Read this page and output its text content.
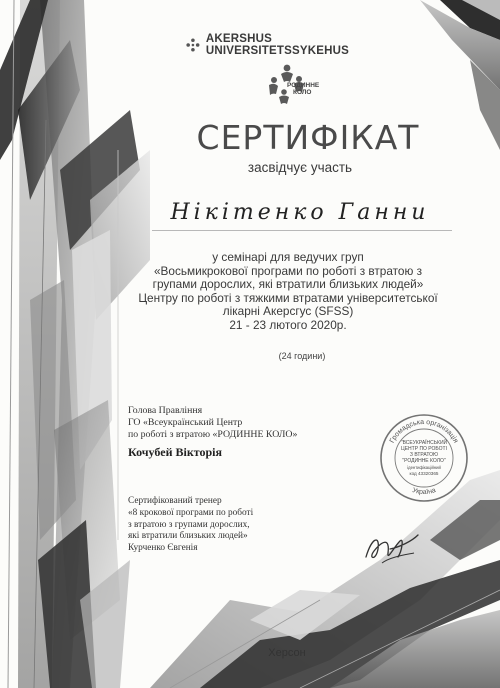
AKERSHUS UNIVERSITETSSYKEHUS
РОДИННЕ
КОЛО
СЕРТИФІКАТ
засвідчує участь
Нікітенко Ганни
у семінарі для ведучих груп
«Восьмикрокової програми по роботі з втратою з
групами дорослих, які втратили близьких людей»
Центру по роботі з тяжкими втратами університетської
лікарні Акерсгус (SFSS)
21 - 23 лютого 2020р.
(24 години)
Голова Правління
ГО «Всеукраїнський Центр
по роботі з втратою «РОДИННЕ КОЛО»
Кочубей Вікторія
Сертифікований тренер
«8 крокової програми по роботі
з втратою з групами дорослих,
які втратили близьких людей»
Курченко Євгенія
Громадська організація
Україна
"ВСЕУКРАЇНСЬКИЙ
ЦЕНТР ПО РОБОТІ
З ВТРАТОЮ
"РОДИННЕ КОЛО"
ідентифікаційний
код 43320365
Херсон
